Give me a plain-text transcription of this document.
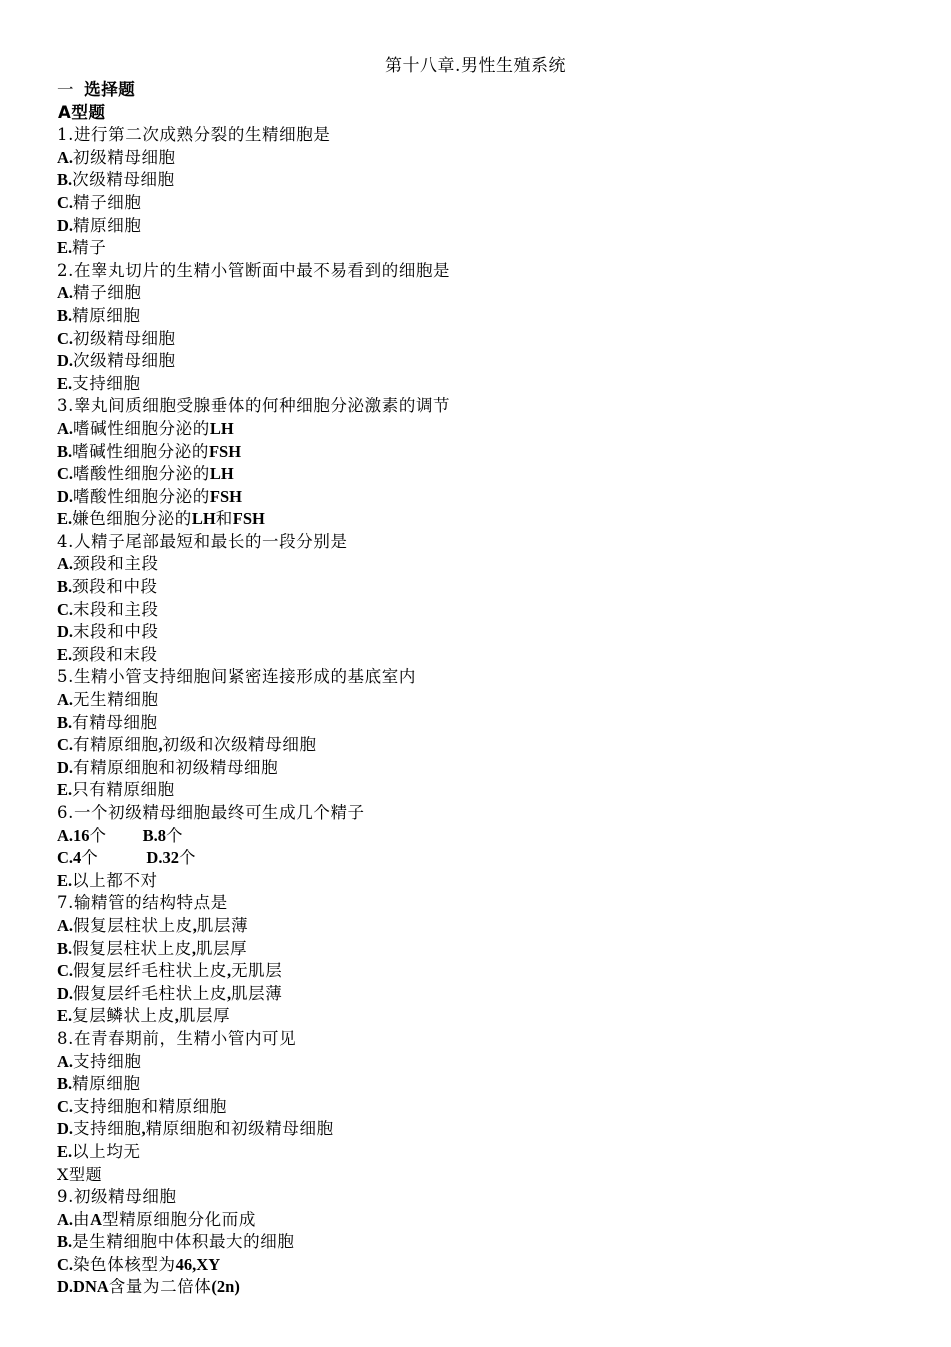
第十八章.男性生殖系统
一 选择题
A型题
1.进行第二次成熟分裂的生精细胞是
A.初级精母细胞
B.次级精母细胞
C.精子细胞
D.精原细胞
E.精子
2.在睾丸切片的生精小管断面中最不易看到的细胞是
A.精子细胞
B.精原细胞
C.初级精母细胞
D.次级精母细胞
E.支持细胞
3.睾丸间质细胞受腺垂体的何种细胞分泌激素的调节
A.嗜碱性细胞分泌的LH
B.嗜碱性细胞分泌的FSH
C.嗜酸性细胞分泌的LH
D.嗜酸性细胞分泌的FSH
E.嫌色细胞分泌的LH和FSH
4.人精子尾部最短和最长的一段分别是
A.颈段和主段
B.颈段和中段
C.末段和主段
D.末段和中段
E.颈段和末段
5.生精小管支持细胞间紧密连接形成的基底室内
A.无生精细胞
B.有精母细胞
C.有精原细胞,初级和次级精母细胞
D.有精原细胞和初级精母细胞
E.只有精原细胞
6.一个初级精母细胞最终可生成几个精子
A.16个 B.8个
C.4个	D.32个
E.以上都不对
7.输精管的结构特点是
A.假复层柱状上皮,肌层薄
B.假复层柱状上皮,肌层厚
C.假复层纤毛柱状上皮,无肌层
D.假复层纤毛柱状上皮,肌层薄
E.复层鳞状上皮,肌层厚
8.在青春期前，生精小管内可见
A.支持细胞
B.精原细胞
C.支持细胞和精原细胞
D.支持细胞,精原细胞和初级精母细胞
E.以上均无
X型题
9.初级精母细胞
A.由A型精原细胞分化而成
B.是生精细胞中体积最大的细胞
C.染色体核型为46,XY
D.DNA含量为二倍体(2n)
